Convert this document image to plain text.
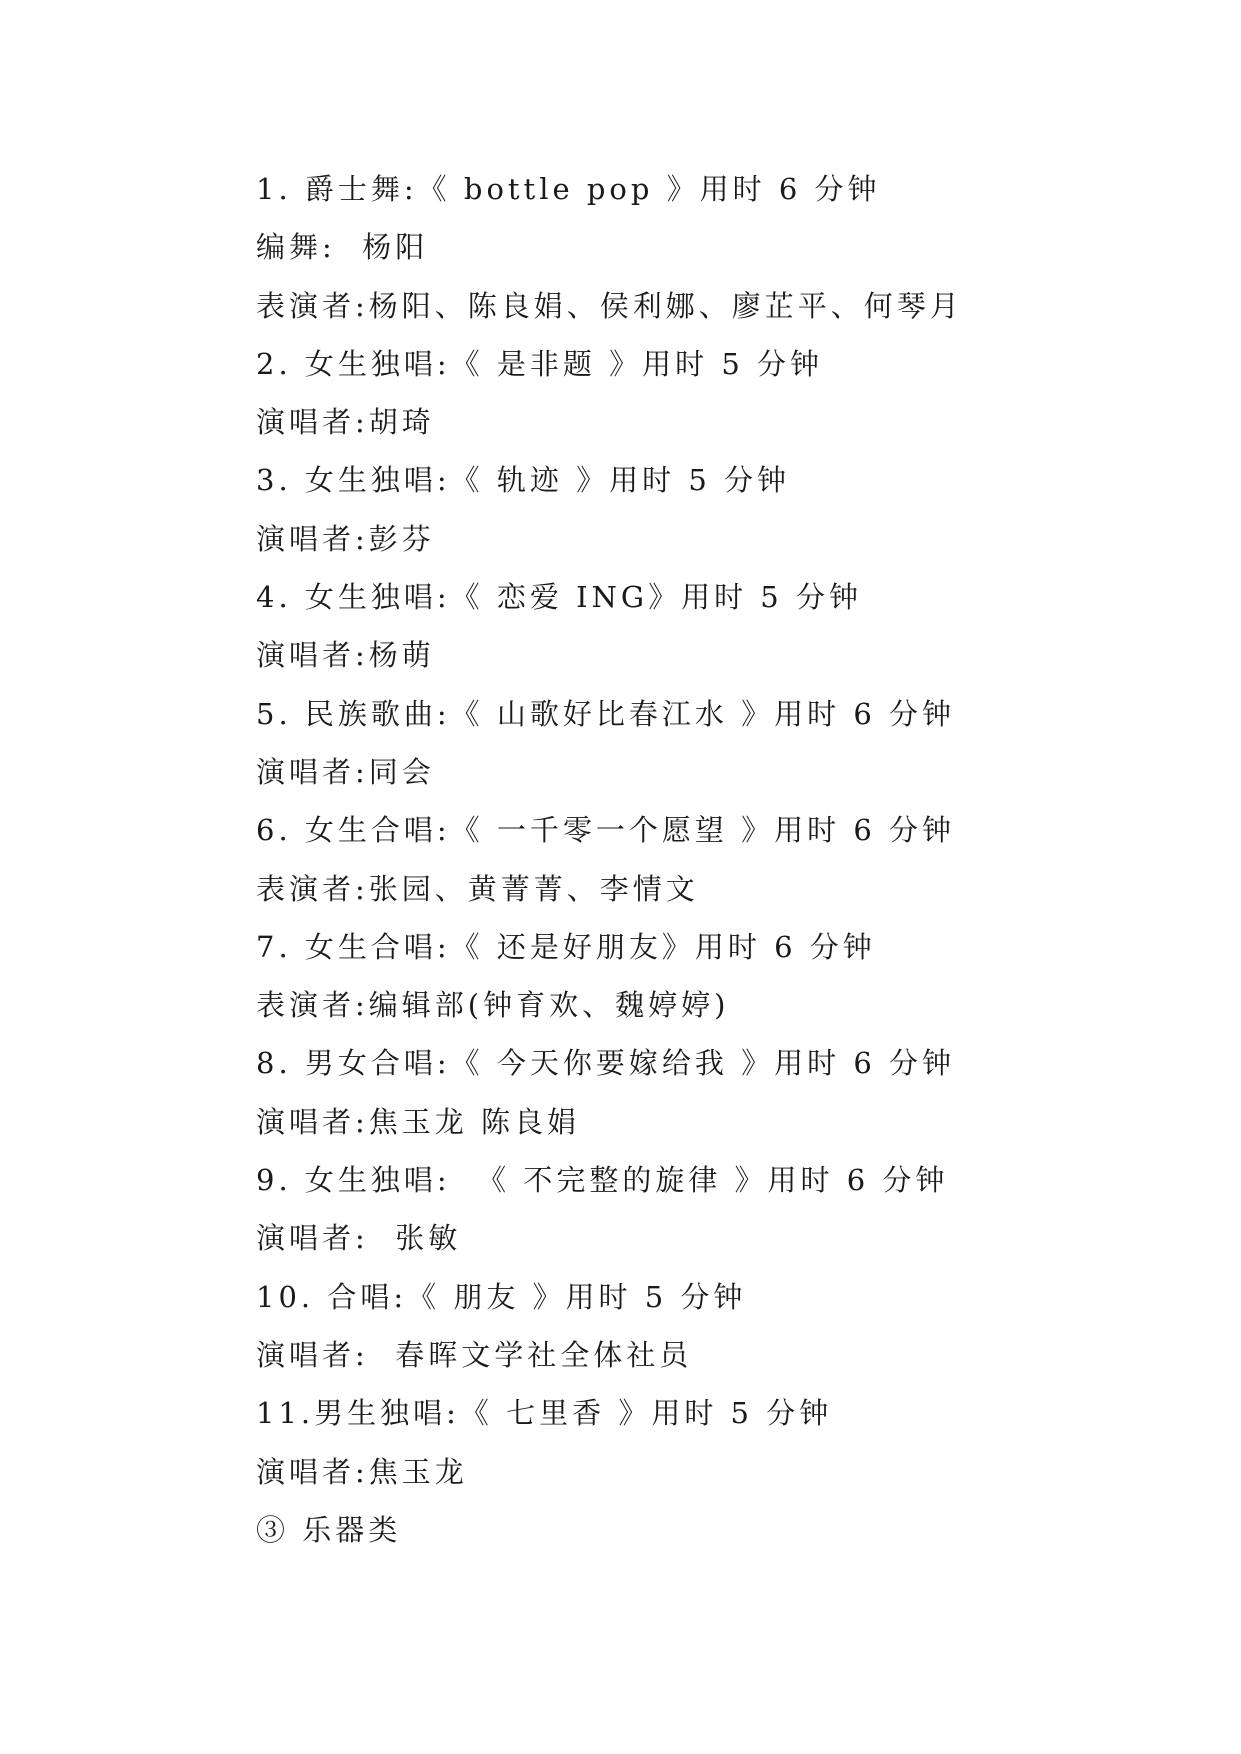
1. 爵士舞:《 bottle pop 》用时 6 分钟
编舞:  杨阳
表演者:杨阳、陈良娟、侯利娜、廖芷平、何琴月
2. 女生独唱:《 是非题 》用时 5 分钟
演唱者:胡琦
3. 女生独唱:《 轨迹 》用时 5 分钟
演唱者:彭芬
4. 女生独唱:《 恋爱 ING》用时 5 分钟
演唱者:杨萌
5. 民族歌曲:《 山歌好比春江水 》用时 6 分钟
演唱者:同会
6. 女生合唱:《 一千零一个愿望 》用时 6 分钟
表演者:张园、黄菁菁、李情文
7. 女生合唱:《 还是好朋友》用时 6 分钟
表演者:编辑部(钟育欢、魏婷婷)
8. 男女合唱:《 今天你要嫁给我 》用时 6 分钟
演唱者:焦玉龙 陈良娟
9. 女生独唱:  《 不完整的旋律 》用时 6 分钟
演唱者:  张敏
10. 合唱:《 朋友 》用时 5 分钟
演唱者:  春晖文学社全体社员
11.男生独唱:《 七里香 》用时 5 分钟
演唱者:焦玉龙
③ 乐器类
